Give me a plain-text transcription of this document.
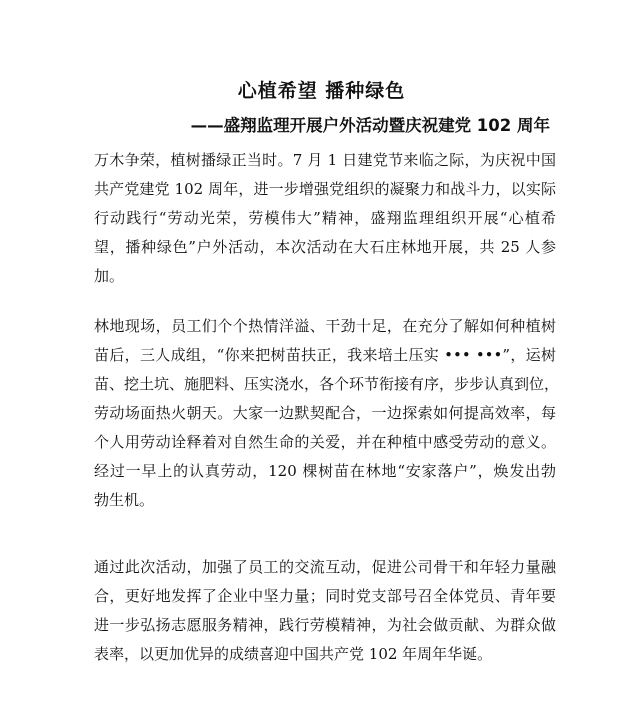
心植希望 播种绿色
——盛翔监理开展户外活动暨庆祝建党 102 周年
万木争荣，植树播绿正当时。7 月 1 日建党节来临之际，为庆祝中国
共产党建党 102 周年，进一步增强党组织的凝聚力和战斗力，以实际
行动践行“劳动光荣，劳模伟大”精神，盛翔监理组织开展“心植希
望，播种绿色”户外活动，本次活动在大石庄林地开展，共 25 人参
加。
林地现场，员工们个个热情洋溢、干劲十足，在充分了解如何种植树
苗后，三人成组，“你来把树苗扶正，我来培土压实 ••• •••”，运树
苗、挖土坑、施肥料、压实浇水，各个环节衔接有序，步步认真到位，
劳动场面热火朝天。大家一边默契配合，一边探索如何提高效率，每
个人用劳动诠释着对自然生命的关爱，并在种植中感受劳动的意义。
经过一早上的认真劳动，120 棵树苗在林地“安家落户”，焕发出勃
勃生机。
通过此次活动，加强了员工的交流互动，促进公司骨干和年轻力量融
合，更好地发挥了企业中坚力量；同时党支部号召全体党员、青年要
进一步弘扬志愿服务精神，践行劳模精神，为社会做贡献、为群众做
表率，以更加优异的成绩喜迎中国共产党 102 年周年华诞。
